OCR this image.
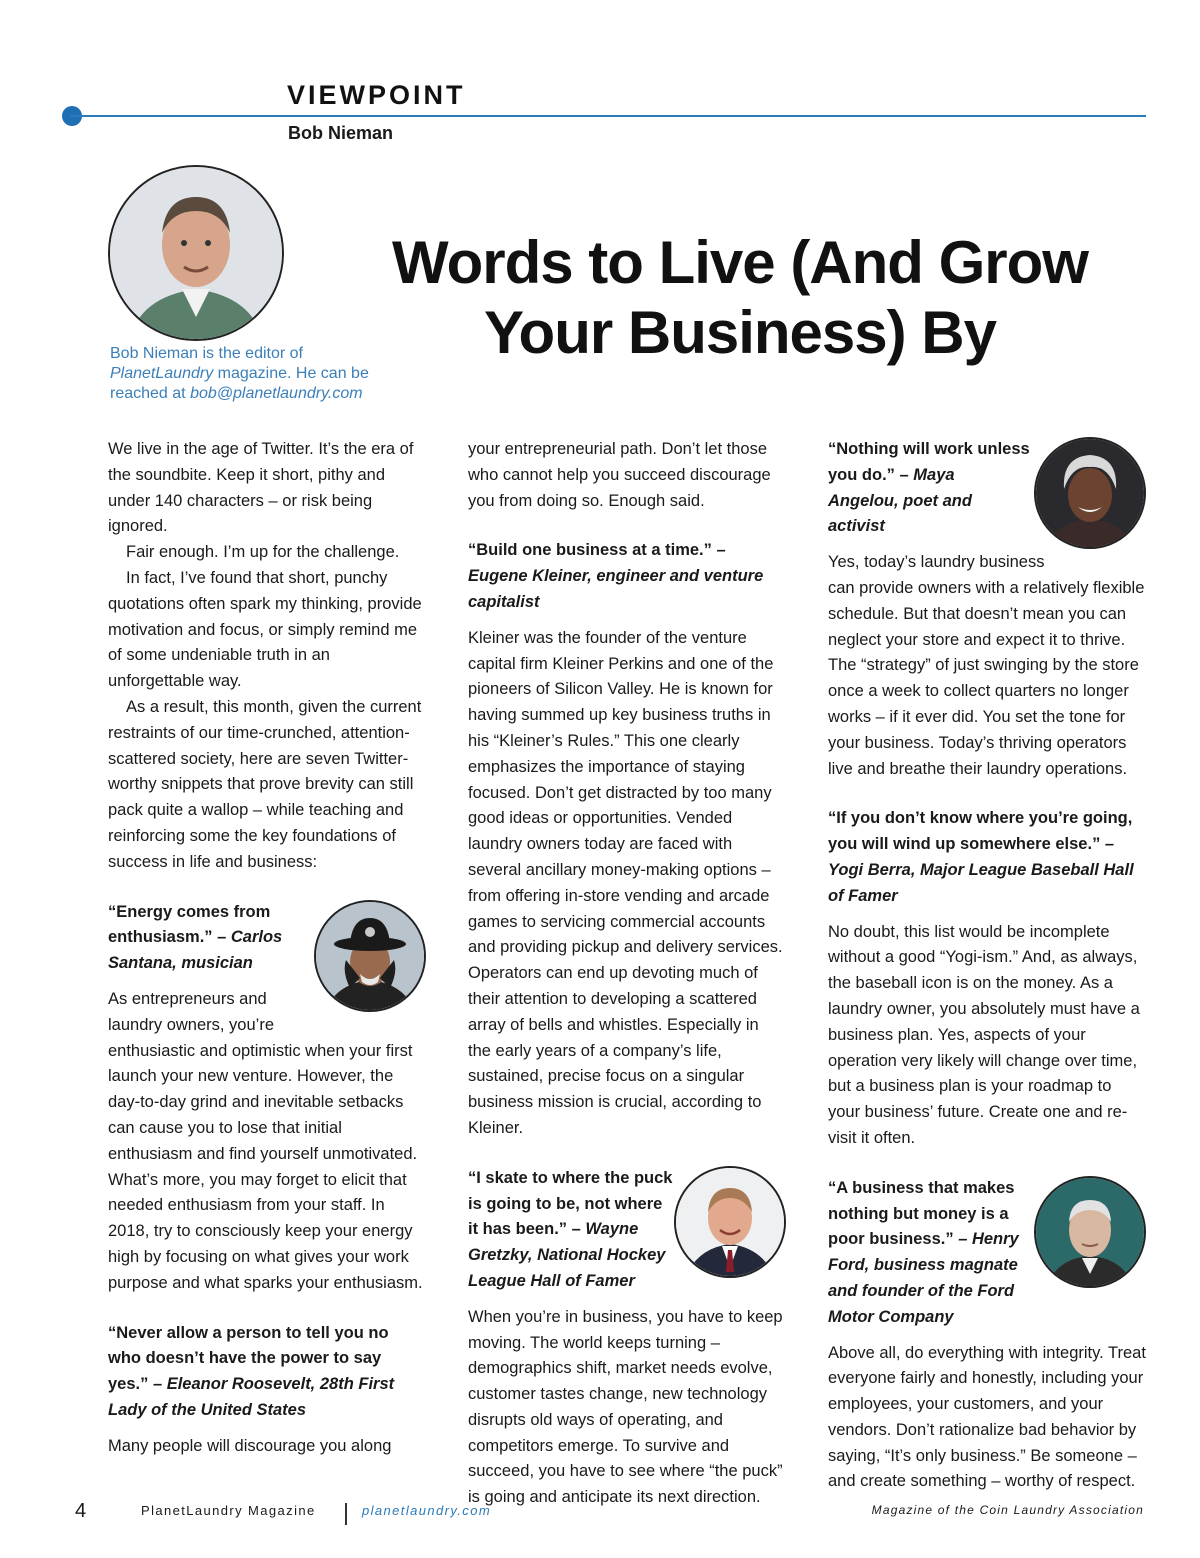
VIEWPOINT

Bob Nieman

Bob Nieman is the editor of PlanetLaundry magazine. He can be reached at bob@planetlaundry.com

Words to Live (And Grow
Your Business) By

We live in the age of Twitter. It’s the era of the soundbite. Keep it short, pithy and under 140 characters – or risk being ignored.

Fair enough. I’m up for the challenge.

In fact, I’ve found that short, punchy quotations often spark my thinking, provide motivation and focus, or simply remind me of some undeniable truth in an unforgettable way.

As a result, this month, given the current restraints of our time-crunched, attention-scattered society, here are seven Twitter-worthy snippets that prove brevity can still pack quite a wallop – while teaching and reinforcing some the key foundations of success in life and business:

“Energy comes from enthusiasm.” – Carlos Santana, musician

As entrepreneurs and laundry owners, you’re enthusiastic and optimistic when your first launch your new venture. However, the day-to-day grind and inevitable setbacks can cause you to lose that initial enthusiasm and find yourself unmotivated. What’s more, you may forget to elicit that needed enthusiasm from your staff. In 2018, try to consciously keep your energy high by focusing on what gives your work purpose and what sparks your enthusiasm.

“Never allow a person to tell you no who doesn’t have the power to say yes.” – Eleanor Roosevelt, 28th First Lady of the United States

Many people will discourage you along

your entrepreneurial path. Don’t let those who cannot help you succeed discourage you from doing so. Enough said.

“Build one business at a time.” – Eugene Kleiner, engineer and venture capitalist

Kleiner was the founder of the venture capital firm Kleiner Perkins and one of the pioneers of Silicon Valley. He is known for having summed up key business truths in his “Kleiner’s Rules.” This one clearly emphasizes the importance of staying focused. Don’t get distracted by too many good ideas or opportunities. Vended laundry owners today are faced with several ancillary money-making options – from offering in-store vending and arcade games to servicing commercial accounts and providing pickup and delivery services. Operators can end up devoting much of their attention to developing a scattered array of bells and whistles. Especially in the early years of a company’s life, sustained, precise focus on a singular business mission is crucial, according to Kleiner.

“I skate to where the puck is going to be, not where it has been.” – Wayne Gretzky, National Hockey League Hall of Famer

When you’re in business, you have to keep moving. The world keeps turning – demographics shift, market needs evolve, customer tastes change, new technology disrupts old ways of operating, and competitors emerge. To survive and succeed, you have to see where “the puck” is going and anticipate its next direction.

“Nothing will work unless you do.” – Maya Angelou, poet and activist

Yes, today’s laundry business can provide owners with a relatively flexible schedule. But that doesn’t mean you can neglect your store and expect it to thrive. The “strategy” of just swinging by the store once a week to collect quarters no longer works – if it ever did. You set the tone for your business. Today’s thriving operators live and breathe their laundry operations.

“If you don’t know where you’re going, you will wind up somewhere else.” – Yogi Berra, Major League Baseball Hall of Famer

No doubt, this list would be incomplete without a good “Yogi-ism.” And, as always, the baseball icon is on the money. As a laundry owner, you absolutely must have a business plan. Yes, aspects of your operation very likely will change over time, but a business plan is your roadmap to your business’ future. Create one and re-visit it often.

“A business that makes nothing but money is a poor business.” – Henry Ford, business magnate and founder of the Ford Motor Company

Above all, do everything with integrity. Treat everyone fairly and honestly, including your employees, your customers, and your vendors. Don’t rationalize bad behavior by saying, “It’s only business.” Be someone – and create something – worthy of respect.

4	PlanetLaundry Magazine	planetlaundry.com	Magazine of the Coin Laundry Association
